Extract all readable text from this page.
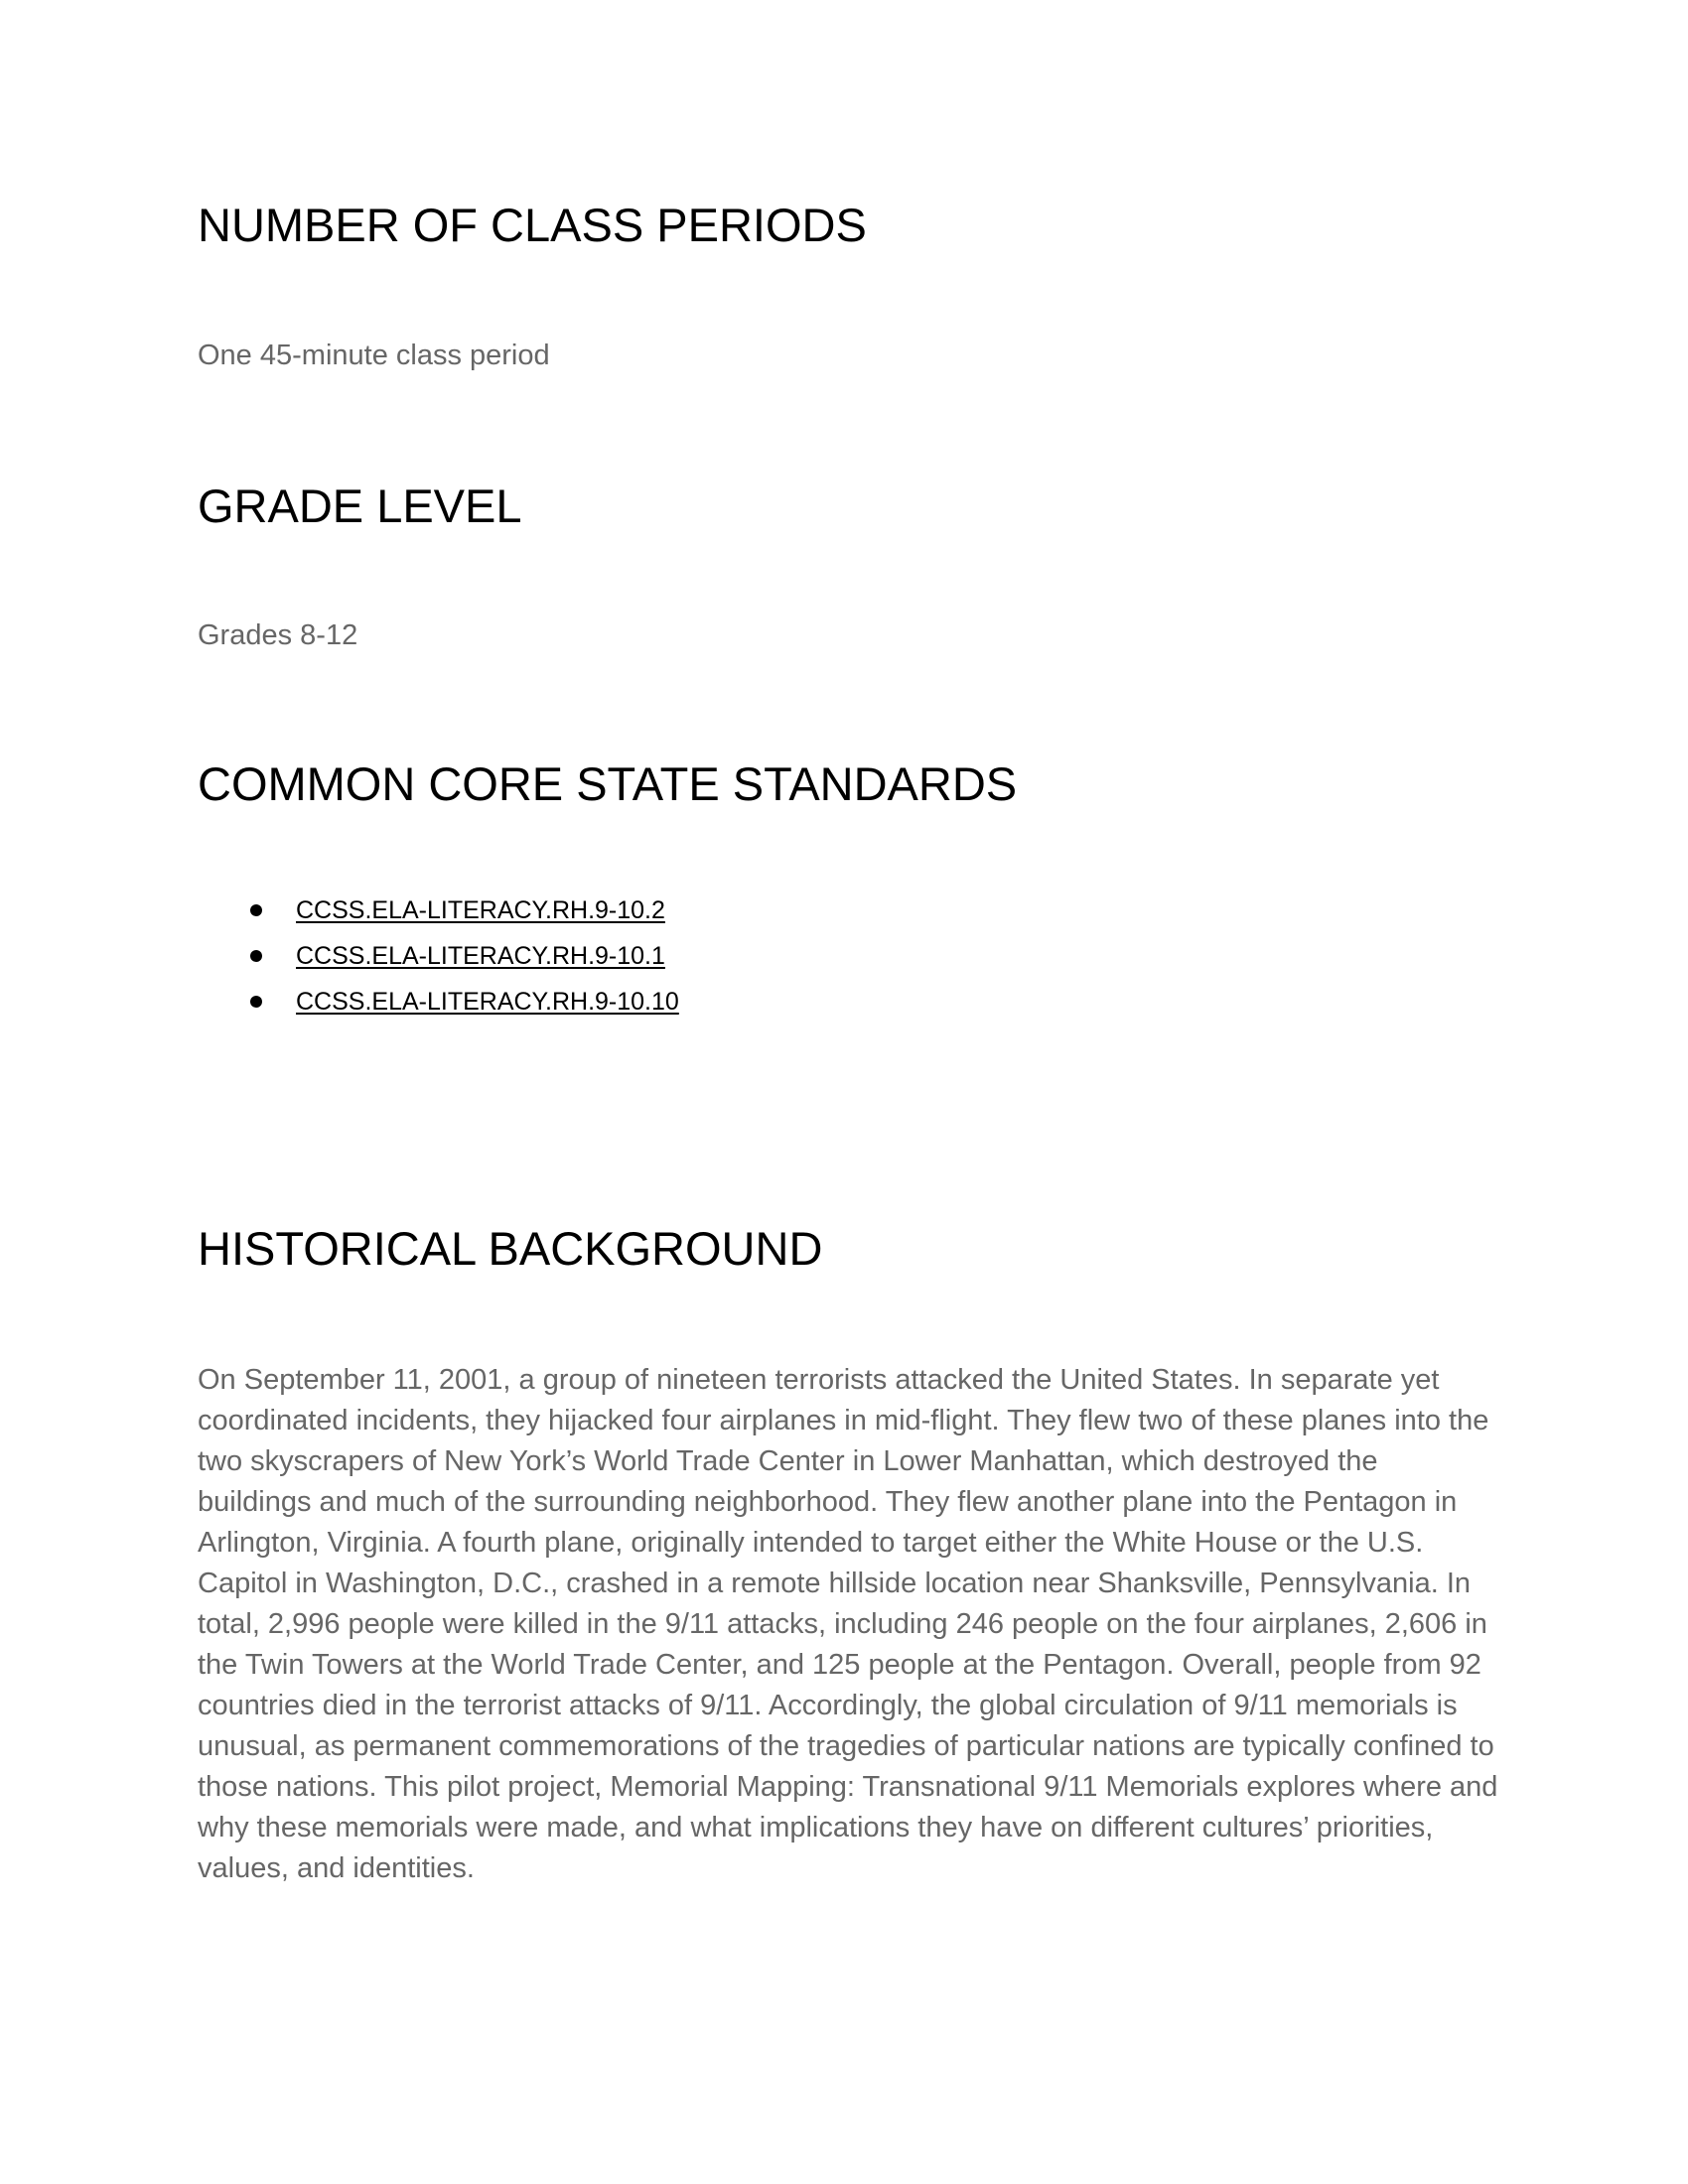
NUMBER OF CLASS PERIODS

One 45-minute class period

GRADE LEVEL

Grades 8-12

COMMON CORE STATE STANDARDS
CCSS.ELA-LITERACY.RH.9-10.2
CCSS.ELA-LITERACY.RH.9-10.1
CCSS.ELA-LITERACY.RH.9-10.10
HISTORICAL BACKGROUND

On September 11, 2001, a group of nineteen terrorists attacked the United States. In separate yet coordinated incidents, they hijacked four airplanes in mid-flight. They flew two of these planes into the two skyscrapers of New York’s World Trade Center in Lower Manhattan, which destroyed the buildings and much of the surrounding neighborhood. They flew another plane into the Pentagon in Arlington, Virginia. A fourth plane, originally intended to target either the White House or the U.S. Capitol in Washington, D.C., crashed in a remote hillside location near Shanksville, Pennsylvania. In total, 2,996 people were killed in the 9/11 attacks, including 246 people on the four airplanes, 2,606 in the Twin Towers at the World Trade Center, and 125 people at the Pentagon. Overall, people from 92 countries died in the terrorist attacks of 9/11. Accordingly, the global circulation of 9/11 memorials is unusual, as permanent commemorations of the tragedies of particular nations are typically confined to those nations. This pilot project, Memorial Mapping: Transnational 9/11 Memorials explores where and why these memorials were made, and what implications they have on different cultures’ priorities, values, and identities.
